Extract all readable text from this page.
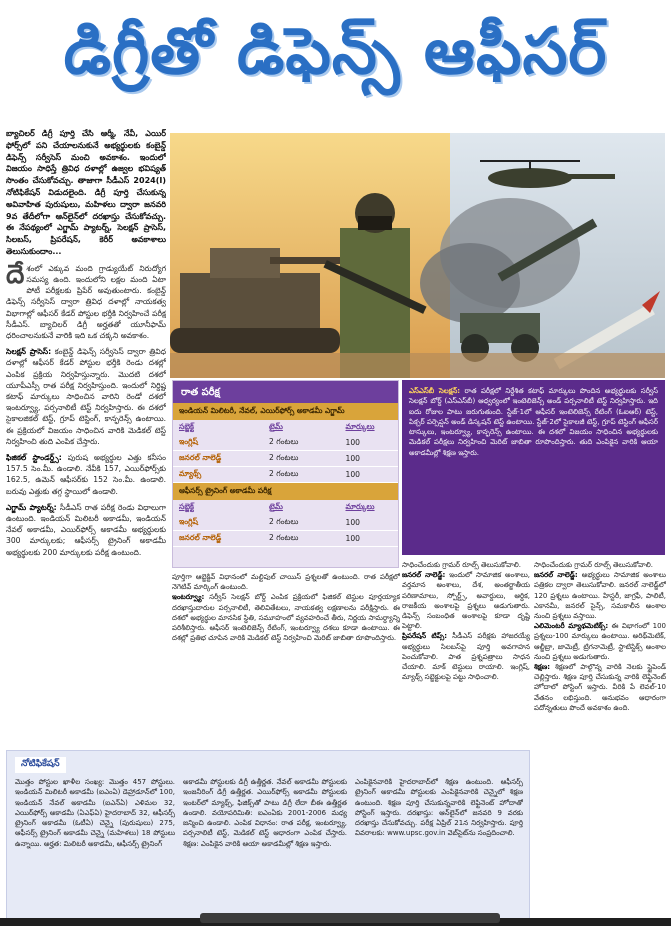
డిగ్రీతో డిఫెన్స్ ఆఫీసర్

బ్యాచిలర్ డిగ్రీ పూర్తి చేసి ఆర్మీ, నేవీ, ఎయిర్ ఫోర్స్‌లో పని చేయాలనుకునే అభ్యర్థులకు కంబైన్డ్ డిఫెన్స్ సర్వీసెస్ మంచి అవకాశం. ఇందులో విజయం సాధిస్తే త్రివిధ దళాల్లో ఉజ్వల భవిష్యత్ సొంతం చేసుకోవచ్చు. తాజాగా సీడీఎస్ 2024(I) నోటిఫికేషన్ విడుదలైంది. డిగ్రీ పూర్తి చేసుకున్న అవివాహిత పురుషులు, మహిళలు ద్వారా జనవరి 9వ తేదీలోగా ఆన్‌లైన్‌లో దరఖాస్తు చేసుకోవచ్చు. ఈ నేపథ్యంలో ఎగ్జామ్ ప్యాటర్న్, సెలక్షన్ ప్రాసెస్, సిలబస్, ప్రిపరేషన్, కెరీర్ అవకాశాలు తెలుసుకుందాం...

దేశంలో ఎక్కువ మంది గ్రాడ్యుయేట్ నిరుద్యోగ సమస్య ఉంది. ఇందులోని లక్షల మంది ఏటా పోటీ పరీక్షలకు ప్రిపేర్ అవుతుంటారు. కంబైన్డ్ డిఫెన్స్ సర్వీసెస్ ద్వారా త్రివిధ దళాల్లో నాయకత్వ విభాగాల్లో ఆఫీసర్ కేడర్ పోస్టుల భర్తీకి నిర్వహించే పరీక్ష సీడీఎస్. బ్యాచిలర్ డిగ్రీ అర్హతతో యూనీఫామ్ ధరించాలనుకునే వారికి ఇది ఒక చక్కని అవకాశం.

సెలక్షన్ ప్రాసెస్: కంబైన్డ్ డిఫెన్స్ సర్వీసెస్ ద్వారా త్రివిధ దళాల్లో ఆఫీసర్ కేడర్ పోస్టుల భర్తీకి రెండు దశల్లో ఎంపిక ప్రక్రియ నిర్వహిస్తున్నారు. మొదటి దశలో యూపీఎస్సీ రాత పరీక్ష నిర్వహిస్తుంది. ఇందులో నిర్దిష్ట కటాఫ్ మార్కులు సాధించిన వారిని రెండో దశలో ఇంటర్వ్యూ, పర్సనాలిటీ టెస్ట్ నిర్వహిస్తారు. ఈ దశలో సైకాలజికల్ టెస్ట్, గ్రూప్ టెస్టింగ్, కాన్ఫరెన్స్ ఉంటాయి. ఈ ప్రక్రియలో విజయం సాధించిన వారికి మెడికల్ టెస్ట్ నిర్వహించి తుది ఎంపిక చేస్తారు.

ఫిజికల్ స్టాండర్డ్స్: పురుష అభ్యర్థుల ఎత్తు కనీసం 157.5 సెం.మీ. ఉండాలి. నేవీకి 157, ఎయిర్‌ఫోర్స్‌కు 162.5, ఉమెన్ ఆఫీసర్‌కు 152 సెం.మీ. ఉండాలి. బరువు ఎత్తుకు తగ్గ స్థాయిలో ఉండాలి.

ఎగ్జామ్ ప్యాటర్న్: సీడీఎస్ రాత పరీక్ష రెండు విధాలుగా ఉంటుంది. ఇండియన్ మిలిటరీ అకాడమీ, ఇండియన్ నేవల్ అకాడమీ, ఎయిర్‌ఫోర్స్ అకాడమీ అభ్యర్థులకు 300 మార్కులకు; ఆఫీసర్స్ ట్రైనింగ్ అకాడమీ అభ్యర్థులకు 200 మార్కులకు పరీక్ష ఉంటుంది.

రాత పరీక్ష
ఇండియన్ మిలిటరీ, నేవల్, ఎయిర్‌ఫోర్స్ అకాడమీ ఎగ్జామ్
సబ్జెక్ట్	టైమ్	మార్కులు
ఇంగ్లిష్	2 గంటలు	100
జనరల్ నాలెడ్జ్	2 గంటలు	100
మ్యాథ్స్	2 గంటలు	100
ఆఫీసర్స్ ట్రైనింగ్ అకాడమీ పరీక్ష
సబ్జెక్ట్	టైమ్	మార్కులు
ఇంగ్లిష్	2 గంటలు	100
జనరల్ నాలెడ్జ్	2 గంటలు	100
ఎస్ఎస్‌బీ సెలక్షన్: రాత పరీక్షలో నిర్దేశిత కటాఫ్ మార్కులు పొందిన అభ్యర్థులకు సర్వీస్ సెలక్షన్ బోర్డ్ (ఎస్ఎస్‌బీ) ఆధ్వర్యంలో ఇంటెలిజెన్స్ అండ్ పర్సనాలిటీ టెస్ట్ నిర్వహిస్తారు. ఇది ఐదు రోజుల పాటు జరుగుతుంది. స్టేజ్-1లో ఆఫీసర్ ఇంటెలిజెన్స్ రేటింగ్ (ఓఐఆర్) టెస్ట్, పిక్చర్ పర్సెప్షన్ అండ్ డిస్కషన్ టెస్ట్ ఉంటాయి. స్టేజ్-2లో సైకాలజీ టెస్ట్, గ్రూప్ టెస్టింగ్ ఆఫీసర్ టాస్కులు, ఇంటర్వ్యూ, కాన్ఫరెన్స్ ఉంటాయి. ఈ దశలో విజయం సాధించిన అభ్యర్థులకు మెడికల్ పరీక్షలు నిర్వహించి మెరిట్ జాబితా రూపొందిస్తారు. తుది ఎంపికైన వారికి ఆయా అకాడమీల్లో శిక్షణ ఇస్తారు.

పూర్తిగా ఆబ్జెక్టివ్ విధానంలో మల్టిపుల్ చాయిస్ ప్రశ్నలతో ఉంటుంది. రాత పరీక్షలో నెగెటివ్ మార్కింగ్ ఉంటుంది.

ఇంటర్వ్యూ: సర్వీస్ సెలక్షన్ బోర్డ్ ఎంపిక ప్రక్రియలో ఫిజికల్ టెస్టుల పూర్తయ్యాక దరఖాస్తుదారుల పర్సనాలిటీ, తెలివితేటలు, నాయకత్వ లక్షణాలను పరీక్షిస్తారు. ఈ దశలో అభ్యర్థుల మానసిక స్థితి, సమూహంలో వ్యవహరించే తీరు, నిర్ణయ సామర్థ్యాన్ని పరిశీలిస్తారు. ఆఫీసర్ ఇంటెలిజెన్స్ రేటింగ్, ఇంటర్వ్యూ దశలు కూడా ఉంటాయి. ఈ దశల్లో ప్రతిభ చూపిన వారికి మెడికల్ టెస్ట్ నిర్వహించి మెరిట్ జాబితా రూపొందిస్తారు.

సాధించేందుకు గ్రామర్ రూల్స్ తెలుసుకోవాలి.

జనరల్ నాలెడ్జ్: ఇందులో సామాజిక అంశాలు, వర్తమాన అంశాలు, దేశ, అంతర్జాతీయ పరిణామాలు, స్పోర్ట్స్, అవార్డులు, ఆర్థిక, రాజకీయ అంశాలపై ప్రశ్నలు అడుగుతారు. డిఫెన్స్ సంబంధిత అంశాలపై కూడా దృష్టి పెట్టాలి.

ప్రిపరేషన్ టిప్స్: సీడీఎస్ పరీక్షకు హాజరయ్యే అభ్యర్థులు సిలబస్‌పై పూర్తి అవగాహన పెంచుకోవాలి. పాత ప్రశ్నపత్రాలు సాధన చేయాలి. మాక్ టెస్టులు రాయాలి. ఇంగ్లిష్, మ్యాథ్స్ సబ్జెక్టులపై పట్టు సాధించాలి.

సాధించేందుకు గ్రామర్ రూల్స్ తెలుసుకోవాలి.

జనరల్ నాలెడ్జ్: అభ్యర్థులు సామాజిక అంశాలు పత్రికల ద్వారా తెలుసుకోవాలి. జనరల్ నాలెడ్జ్‌లో 120 ప్రశ్నలు ఉంటాయి. హిస్టరీ, జాగ్రఫీ, పాలిటీ, ఎకానమీ, జనరల్ సైన్స్, సమకాలీన అంశాల నుంచి ప్రశ్నలు వస్తాయి.

ఎలిమెంటరీ మ్యాథమెటిక్స్: ఈ విభాగంలో 100 ప్రశ్నలు-100 మార్కులు ఉంటాయి. అరిథ్‌మెటిక్, ఆల్జీబ్రా, జామెట్రీ, ట్రిగనామెట్రీ, స్టాటిస్టిక్స్ అంశాల నుంచి ప్రశ్నలు అడుగుతారు.

శిక్షణ: శిక్షణలో పాల్గొన్న వారికి నెలకు స్టైపెండ్ చెల్లిస్తారు. శిక్షణ పూర్తి చేసుకున్న వారికి లెఫ్టినెంట్ హోదాలో పోస్టింగ్ ఇస్తారు. వీరికి పే లెవల్-10 వేతనం లభిస్తుంది. అనుభవం ఆధారంగా పదోన్నతులు పొందే అవకాశం ఉంది.

నోటిఫికేషన్
మొత్తం పోస్టుల ఖాళీల సంఖ్య: మొత్తం 457 పోస్టులు. ఇండియన్ మిలిటరీ అకాడమీ (ఐఎంఏ) డెహ్రాడూన్‌లో 100, ఇండియన్ నేవల్ అకాడమీ (ఐఎన్ఏ) ఎళిమల 32, ఎయిర్‌ఫోర్స్ అకాడమీ (ఏఎఫ్ఏ) హైదరాబాద్ 32, ఆఫీసర్స్ ట్రైనింగ్ అకాడమీ (ఓటీఏ) చెన్నై (పురుషులు) 275, ఆఫీసర్స్ ట్రైనింగ్ అకాడమీ చెన్నై (మహిళలు) 18 పోస్టులు ఉన్నాయి. అర్హత: మిలిటరీ అకాడమీ, ఆఫీసర్స్ ట్రైనింగ్
అకాడమీ పోస్టులకు డిగ్రీ ఉత్తీర్ణత. నేవల్ అకాడమీ పోస్టులకు ఇంజనీరింగ్ డిగ్రీ ఉత్తీర్ణత. ఎయిర్‌ఫోర్స్ అకాడమీ పోస్టులకు ఇంటర్‌లో మ్యాథ్స్, ఫిజిక్స్‌తో పాటు డిగ్రీ లేదా బీఈ ఉత్తీర్ణత ఉండాలి. వయోపరిమితి: ఐఎంఏకు 2001-2006 మధ్య జన్మించి ఉండాలి. ఎంపిక విధానం: రాత పరీక్ష, ఇంటర్వ్యూ, పర్సనాలిటీ టెస్ట్, మెడికల్ టెస్ట్ ఆధారంగా ఎంపిక చేస్తారు. శిక్షణ: ఎంపికైన వారికి ఆయా అకాడమీల్లో శిక్షణ ఇస్తారు.
ఎంపికైనవారికి హైదరాబాద్‌లో శిక్షణ ఉంటుంది. ఆఫీసర్స్ ట్రైనింగ్ అకాడమీ పోస్టులకు ఎంపికైనవారికి చెన్నైలో శిక్షణ ఉంటుంది. శిక్షణ పూర్తి చేసుకున్నవారికి లెఫ్టినెంట్ హోదాతో పోస్టింగ్ ఇస్తారు. దరఖాస్తు: ఆన్‌లైన్‌లో జనవరి 9 వరకు దరఖాస్తు చేసుకోవచ్చు. పరీక్ష ఏప్రిల్ 21న నిర్వహిస్తారు. పూర్తి వివరాలకు: www.upsc.gov.in వెబ్‌సైట్‌ను సంప్రదించాలి.
